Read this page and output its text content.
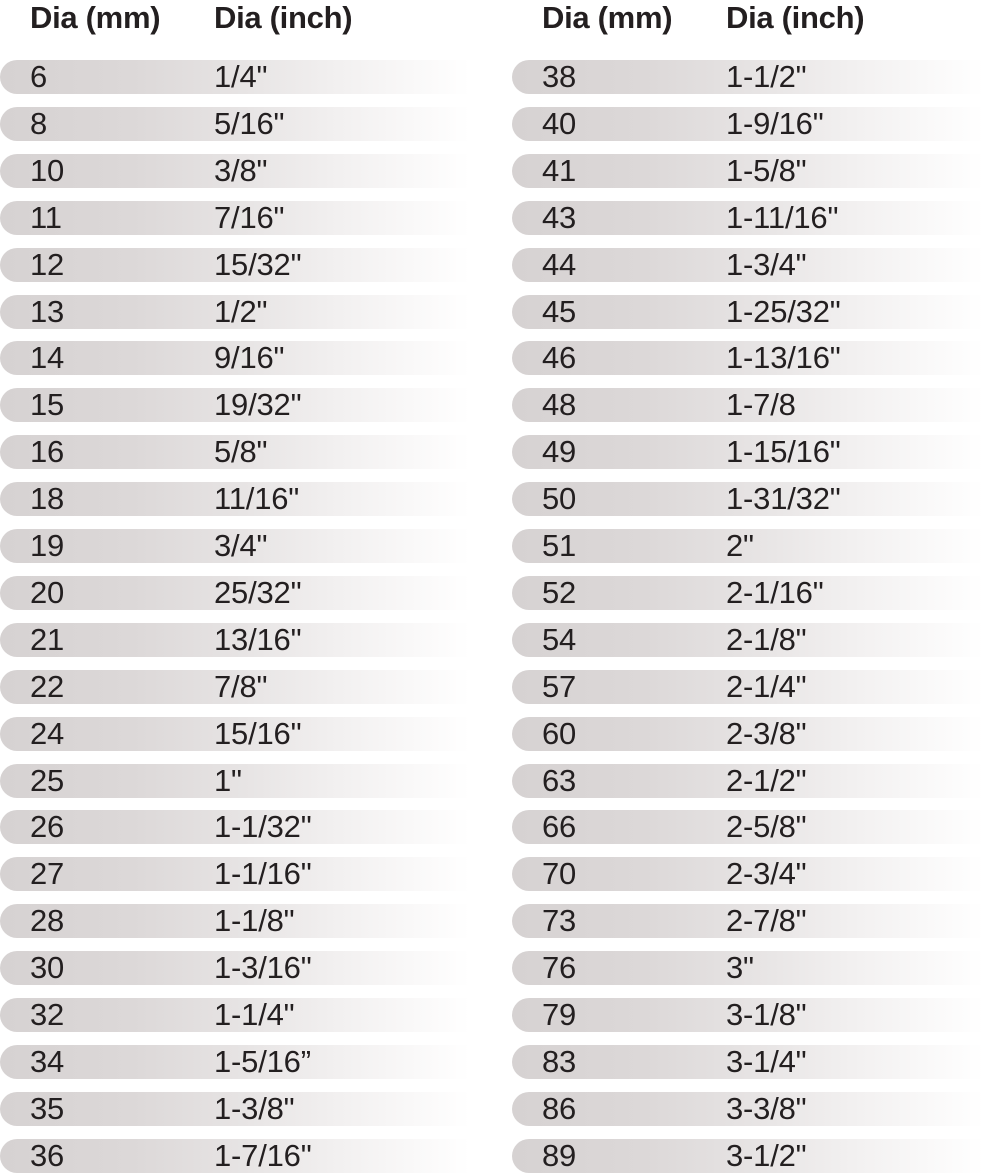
Dia (mm) Dia (inch)
6	1/4"
8	5/16"
10	3/8"
11	7/16"
12	15/32"
13	1/2"
14	9/16"
15	19/32"
16	5/8"
18	11/16"
19	3/4"
20	25/32"
21	13/16"
22	7/8"
24	15/16"
25	1"
26	1-1/32"
27	1-1/16"
28	1-1/8"
30	1-3/16"
32	1-1/4"
34	1-5/16”
35	1-3/8"
36	1-7/16"
Dia (mm) Dia (inch)
38	1-1/2"
40	1-9/16"
41	1-5/8"
43	1-11/16"
44	1-3/4"
45	1-25/32"
46	1-13/16"
48	1-7/8
49	1-15/16"
50	1-31/32"
51	2"
52	2-1/16"
54	2-1/8"
57	2-1/4"
60	2-3/8"
63	2-1/2"
66	2-5/8"
70	2-3/4"
73	2-7/8"
76	3"
79	3-1/8"
83	3-1/4"
86	3-3/8"
89	3-1/2"
